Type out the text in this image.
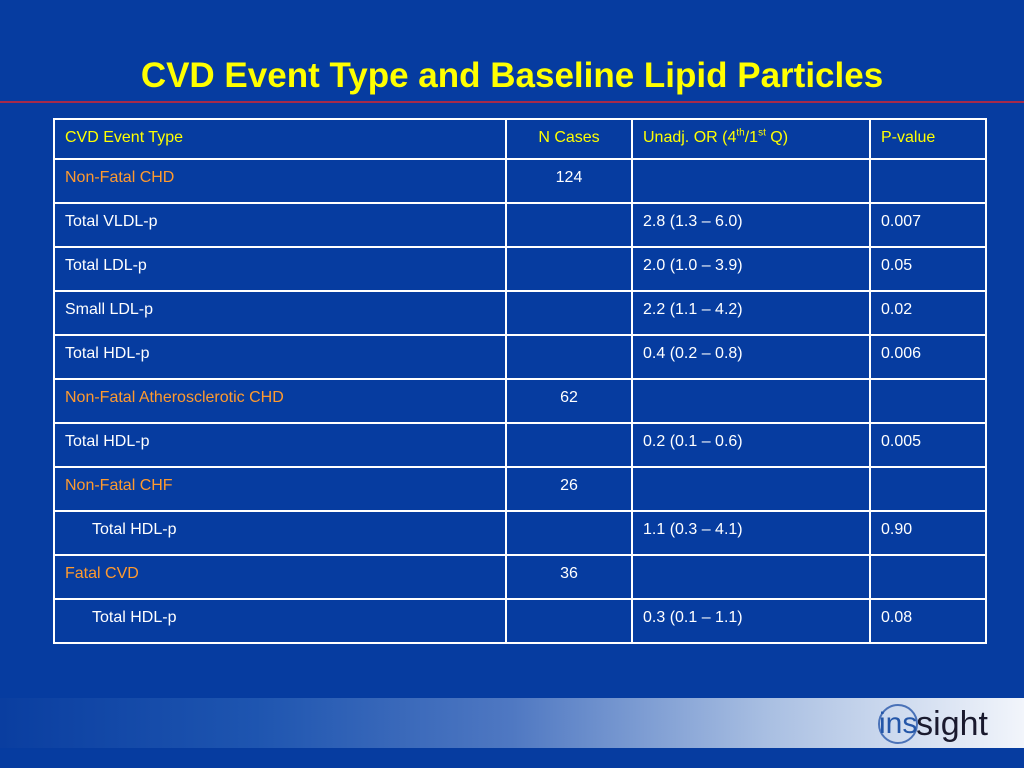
CVD Event Type and Baseline Lipid Particles
CVD Event Type	N Cases	Unadj. OR (4th/1st Q)	P-value
Non-Fatal CHD	124		
Total VLDL-p		2.8 (1.3 – 6.0)	0.007
Total LDL-p		2.0 (1.0 – 3.9)	0.05
Small LDL-p		2.2 (1.1 – 4.2)	0.02
Total HDL-p		0.4 (0.2 – 0.8)	0.006
Non-Fatal Atherosclerotic CHD	62		
Total HDL-p		0.2 (0.1 – 0.6)	0.005
Non-Fatal CHF	26		
Total HDL-p		1.1 (0.3 – 4.1)	0.90
Fatal CVD	36		
Total HDL-p		0.3 (0.1 – 1.1)	0.08
ins
sight
